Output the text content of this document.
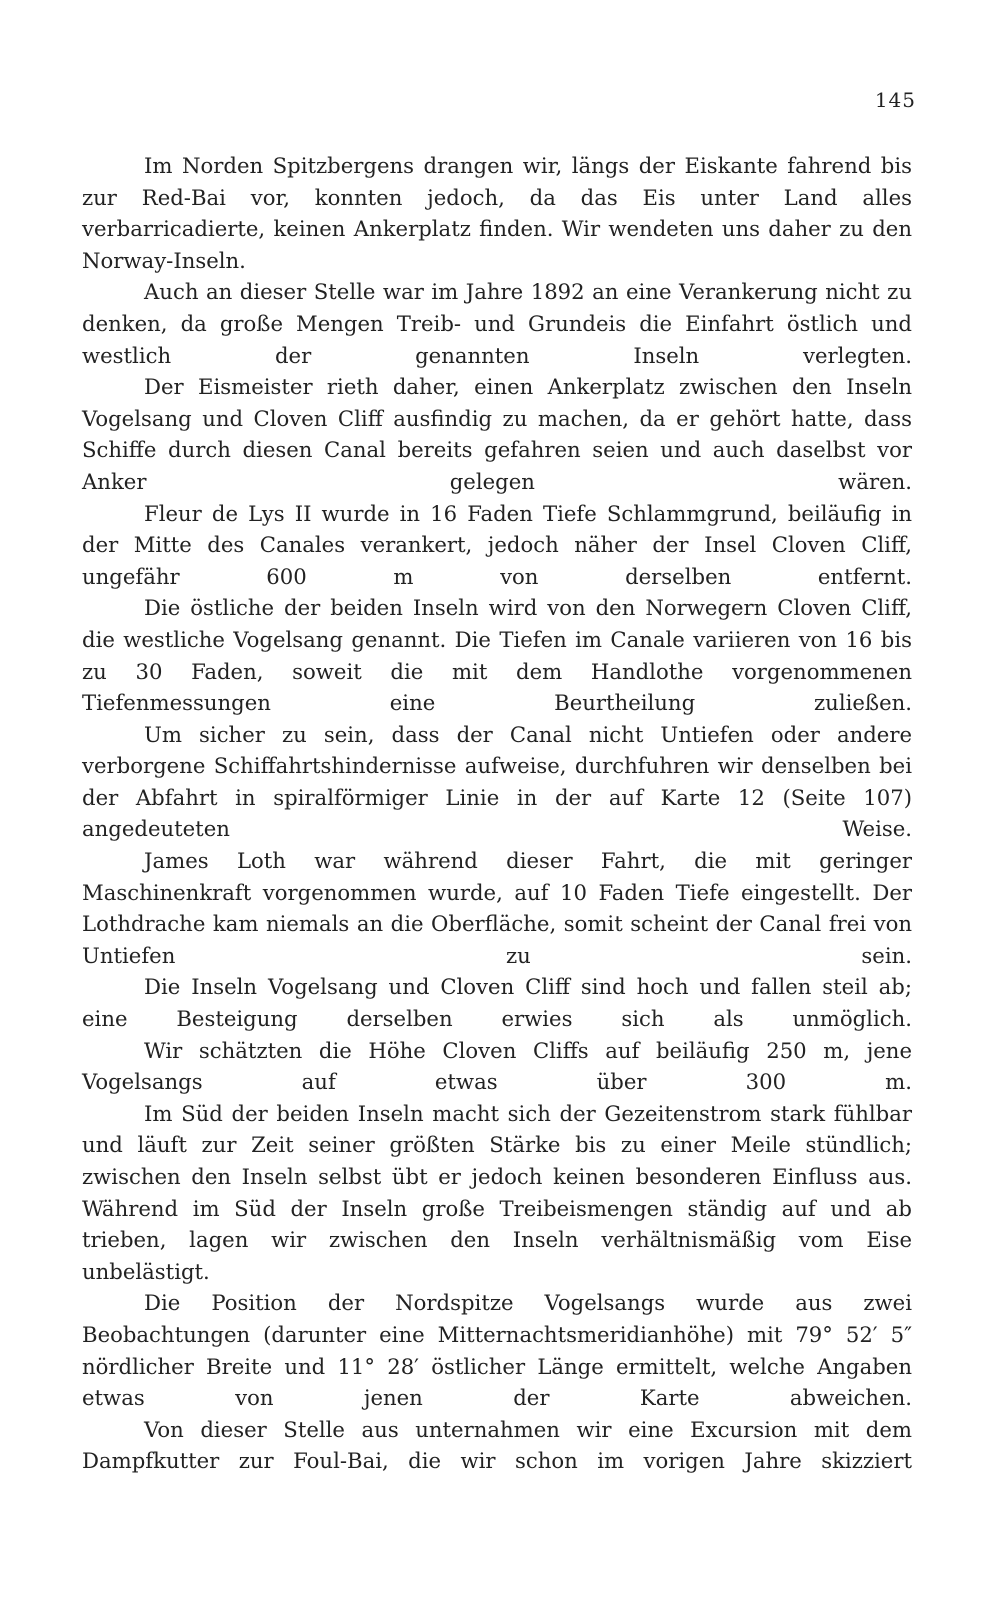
145

Im Norden Spitzbergens drangen wir, längs der Eiskante fahrend bis zur Red-Bai vor, konnten jedoch, da das Eis unter Land alles verbarricadierte, keinen Ankerplatz finden. Wir wendeten uns daher zu den Norway-Inseln.

Auch an dieser Stelle war im Jahre 1892 an eine Verankerung nicht zu denken, da große Mengen Treib- und Grundeis die Einfahrt östlich und westlich der genannten Inseln verlegten.

Der Eismeister rieth daher, einen Ankerplatz zwischen den Inseln Vogelsang und Cloven Cliff ausfindig zu machen, da er gehört hatte, dass Schiffe durch diesen Canal bereits gefahren seien und auch daselbst vor Anker gelegen wären.

Fleur de Lys II wurde in 16 Faden Tiefe Schlammgrund, beiläufig in der Mitte des Canales verankert, jedoch näher der Insel Cloven Cliff, ungefähr 600 m von derselben entfernt.

Die östliche der beiden Inseln wird von den Norwegern Cloven Cliff, die westliche Vogelsang genannt. Die Tiefen im Canale variieren von 16 bis zu 30 Faden, soweit die mit dem Handlothe vorgenommenen Tiefenmessungen eine Beurtheilung zuließen.

Um sicher zu sein, dass der Canal nicht Untiefen oder andere verborgene Schiffahrtshindernisse aufweise, durchfuhren wir denselben bei der Abfahrt in spiralförmiger Linie in der auf Karte 12 (Seite 107) angedeuteten Weise.

James Loth war während dieser Fahrt, die mit geringer Maschinenkraft vorgenommen wurde, auf 10 Faden Tiefe eingestellt. Der Lothdrache kam niemals an die Oberfläche, somit scheint der Canal frei von Untiefen zu sein.

Die Inseln Vogelsang und Cloven Cliff sind hoch und fallen steil ab; eine Besteigung derselben erwies sich als unmöglich.

Wir schätzten die Höhe Cloven Cliffs auf beiläufig 250 m, jene Vogelsangs auf etwas über 300 m.

Im Süd der beiden Inseln macht sich der Gezeitenstrom stark fühlbar und läuft zur Zeit seiner größten Stärke bis zu einer Meile stündlich; zwischen den Inseln selbst übt er jedoch keinen besonderen Einfluss aus. Während im Süd der Inseln große Treibeismengen ständig auf und ab trieben, lagen wir zwischen den Inseln verhältnismäßig vom Eise unbelästigt.

Die Position der Nordspitze Vogelsangs wurde aus zwei Beobachtungen (darunter eine Mitternachtsmeridianhöhe) mit 79° 52′ 5″ nördlicher Breite und 11° 28′ östlicher Länge ermittelt, welche Angaben etwas von jenen der Karte abweichen.

Von dieser Stelle aus unternahmen wir eine Excursion mit dem Dampfkutter zur Foul-Bai, die wir schon im vorigen Jahre skizziert
